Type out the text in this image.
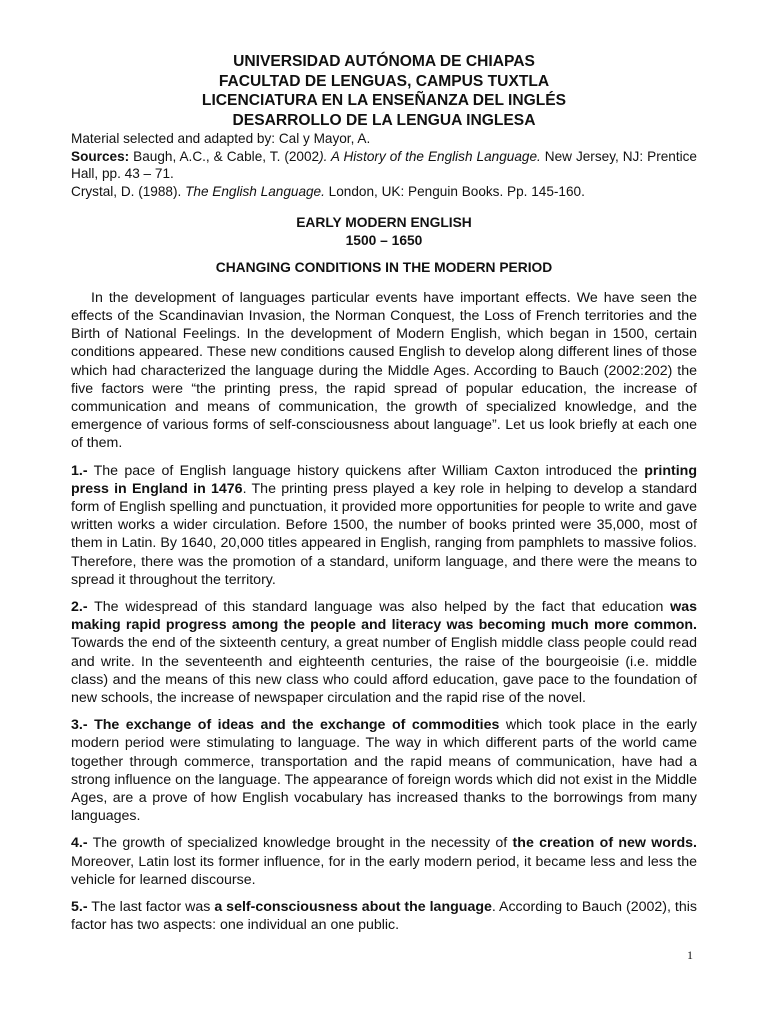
UNIVERSIDAD AUTÓNOMA DE CHIAPAS

FACULTAD DE LENGUAS, CAMPUS TUXTLA

LICENCIATURA EN LA ENSEÑANZA DEL INGLÉS

DESARROLLO DE LA LENGUA INGLESA

Material selected and adapted by: Cal y Mayor, A.

Sources: Baugh, A.C., & Cable, T. (2002). A History of the English Language. New Jersey, NJ: Prentice Hall, pp. 43 – 71.

Crystal, D. (1988). The English Language. London, UK: Penguin Books. Pp. 145-160.

EARLY MODERN ENGLISH

1500 – 1650

CHANGING CONDITIONS IN THE MODERN PERIOD

In the development of languages particular events have important effects. We have seen the effects of the Scandinavian Invasion, the Norman Conquest, the Loss of French territories and the Birth of National Feelings. In the development of Modern English, which began in 1500, certain conditions appeared. These new conditions caused English to develop along different lines of those which had characterized the language during the Middle Ages. According to Bauch (2002:202) the five factors were “the printing press, the rapid spread of popular education, the increase of communication and means of communication, the growth of specialized knowledge, and the emergence of various forms of self-consciousness about language”. Let us look briefly at each one of them.

1.- The pace of English language history quickens after William Caxton introduced the printing press in England in 1476. The printing press played a key role in helping to develop a standard form of English spelling and punctuation, it provided more opportunities for people to write and gave written works a wider circulation. Before 1500, the number of books printed were 35,000, most of them in Latin. By 1640, 20,000 titles appeared in English, ranging from pamphlets to massive folios. Therefore, there was the promotion of a standard, uniform language, and there were the means to spread it throughout the territory.

2.- The widespread of this standard language was also helped by the fact that education was making rapid progress among the people and literacy was becoming much more common. Towards the end of the sixteenth century, a great number of English middle class people could read and write. In the seventeenth and eighteenth centuries, the raise of the bourgeoisie (i.e. middle class) and the means of this new class who could afford education, gave pace to the foundation of new schools, the increase of newspaper circulation and the rapid rise of the novel.

3.- The exchange of ideas and the exchange of commodities which took place in the early modern period were stimulating to language. The way in which different parts of the world came together through commerce, transportation and the rapid means of communication, have had a strong influence on the language. The appearance of foreign words which did not exist in the Middle Ages, are a prove of how English vocabulary has increased thanks to the borrowings from many languages.

4.- The growth of specialized knowledge brought in the necessity of the creation of new words. Moreover, Latin lost its former influence, for in the early modern period, it became less and less the vehicle for learned discourse.

5.- The last factor was a self-consciousness about the language. According to Bauch (2002), this factor has two aspects: one individual an one public.

1
